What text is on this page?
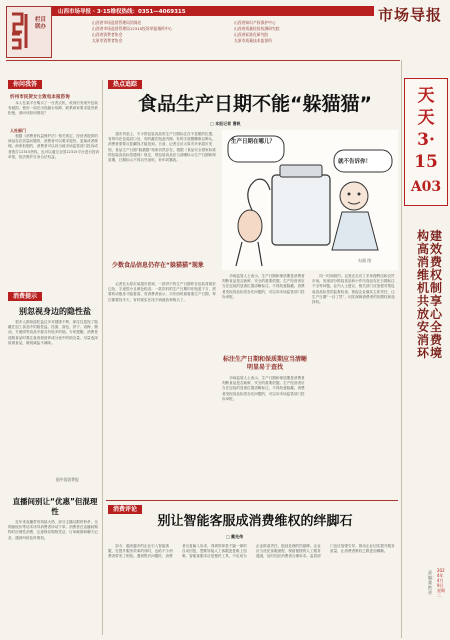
栏目联办
山西市场导报 · 3·15维权热线：0351—4069315
山西省市场监督管理局消保处
山西省市场监督管理局12315投诉举报指挥中心
山西省消费者协会
太原市消费者协会
山西省知识产权保护中心
山西省质量检验检测研究院
山西省标准化研究院
太原市质量技术监督所
市场导报
天天3·15
A03
构建高效消费维权机制 共享放心安全消费环境
2024年4月9日 星期二
责编：董艳晋
你问我答
忻州市民贺女士致电本报咨询
本人在某平台购买了一台洗衣机，收到后发现外包装有破损，使用一周后出现漏水故障，联系商家要求退货被拒绝，请问该如何维权？
人社部门
根据《消费者权益保护法》相关规定，经营者提供的商品存在质量问题的，消费者可以要求退货、更换或者修理。商家拒绝的，消费者可以向当地市场监管部门投诉或者拨打12315热线，也可以通过全国12315平台进行投诉举报，依法维护自身合法权益。
消费提示
别忽视身边的隐性盐
很多人都知道吃盐过多对健康不利，却往往忽视了隐藏在加工食品中的隐性盐。挂面、面包、饼干、话梅、酱油、方便面等食品中都含有较多的钠。专家提醒，消费者选购食品时要注意查看营养成分表中的钠含量，尽量选择低钠食品，做到减盐不减味。
据中国消费报
直播间别让“优惠”但混理性
近年来直播带货持续火热，部分主播以限时秒杀、全网最低价等话术诱导消费者冲动下单。消费者在直播间购物时应理性消费，注意保存购物凭证、订单截图和聊天记录，遇到纠纷及时维权。
热点追踪
食品生产日期不能“躲猫猫”
□ 本报记者 曹帆
超市货架上，不少预包装食品的生产日期标注在不显眼的位置，有的印在包装封口处，有的藏在瓶盖内侧，有的字迹模糊难以辨认，消费者需要反复翻找才能找到。日前，记者走访太原市多家超市发现，食品生产日期“躲猫猫”现象仍然存在。根据《食品安全国家标准 预包装食品标签通则》规定，预包装食品应当清晰标示生产日期和保质期，日期标示不得另外加贴、补印或篡改。
生产日期在哪儿？
就不告诉你！
勾画 图
少数食品信息仍存在“躲猫猫”现象
记者在太原市某超市看到，一款饼干的生产日期印在包装背面折边处，字迹很小且颜色较浅；一款饮料的生产日期印在瓶盖下方，需要转动瓶身才能看清。有消费者表示，买东西时最看重生产日期，每次都要找半天，有时候实在找不到就放弃购买了。
市场监管人士表示，生产日期和保质期是消费者判断食品是否新鲜、安全的重要依据。生产经营者应当在包装的显著位置清晰标注，不得故意隐藏。消费者发现食品标签存在问题的，可以向市场监管部门投诉举报。
标注生产日期和保质期应当清晰明显易于查找
市场监管人士表示，生产日期和保质期是消费者判断食品是否新鲜、安全的重要依据。生产经营者应当在包装的显著位置清晰标注，不得故意隐藏。消费者发现食品标签存在问题的，可以向市场监管部门投诉举报。
同一时间段内，记者还走访了多家便利店和农贸市场，发现部分散装食品和小作坊食品存在日期标注不全等问题。业内人士建议，相关部门应加强对预包装食品标签的监督检查，督促企业落实主体责任，让生产日期“一目了然”，切实保障消费者的知情权和选择权。
消费评论
别让智能客服成消费维权的绊脚石
□ 戴先伟
如今，越来越多的企业引入智能客服，在提升服务效率的同时，也给不少消费者带来了困扰。遇到售后问题时，消费者反复输入诉求，得到的却是千篇一律的自动回复，想要转接人工客服更是难上加难。智能客服本应是便民工具，不应成为企业推诿责任、拖延处理的挡箭牌。企业应当优化客服流程，保留便捷的人工服务通道，及时回应消费者合理诉求。监管部门也应加强引导，推动企业切实提升服务质量，让消费者维权之路更加顺畅。
